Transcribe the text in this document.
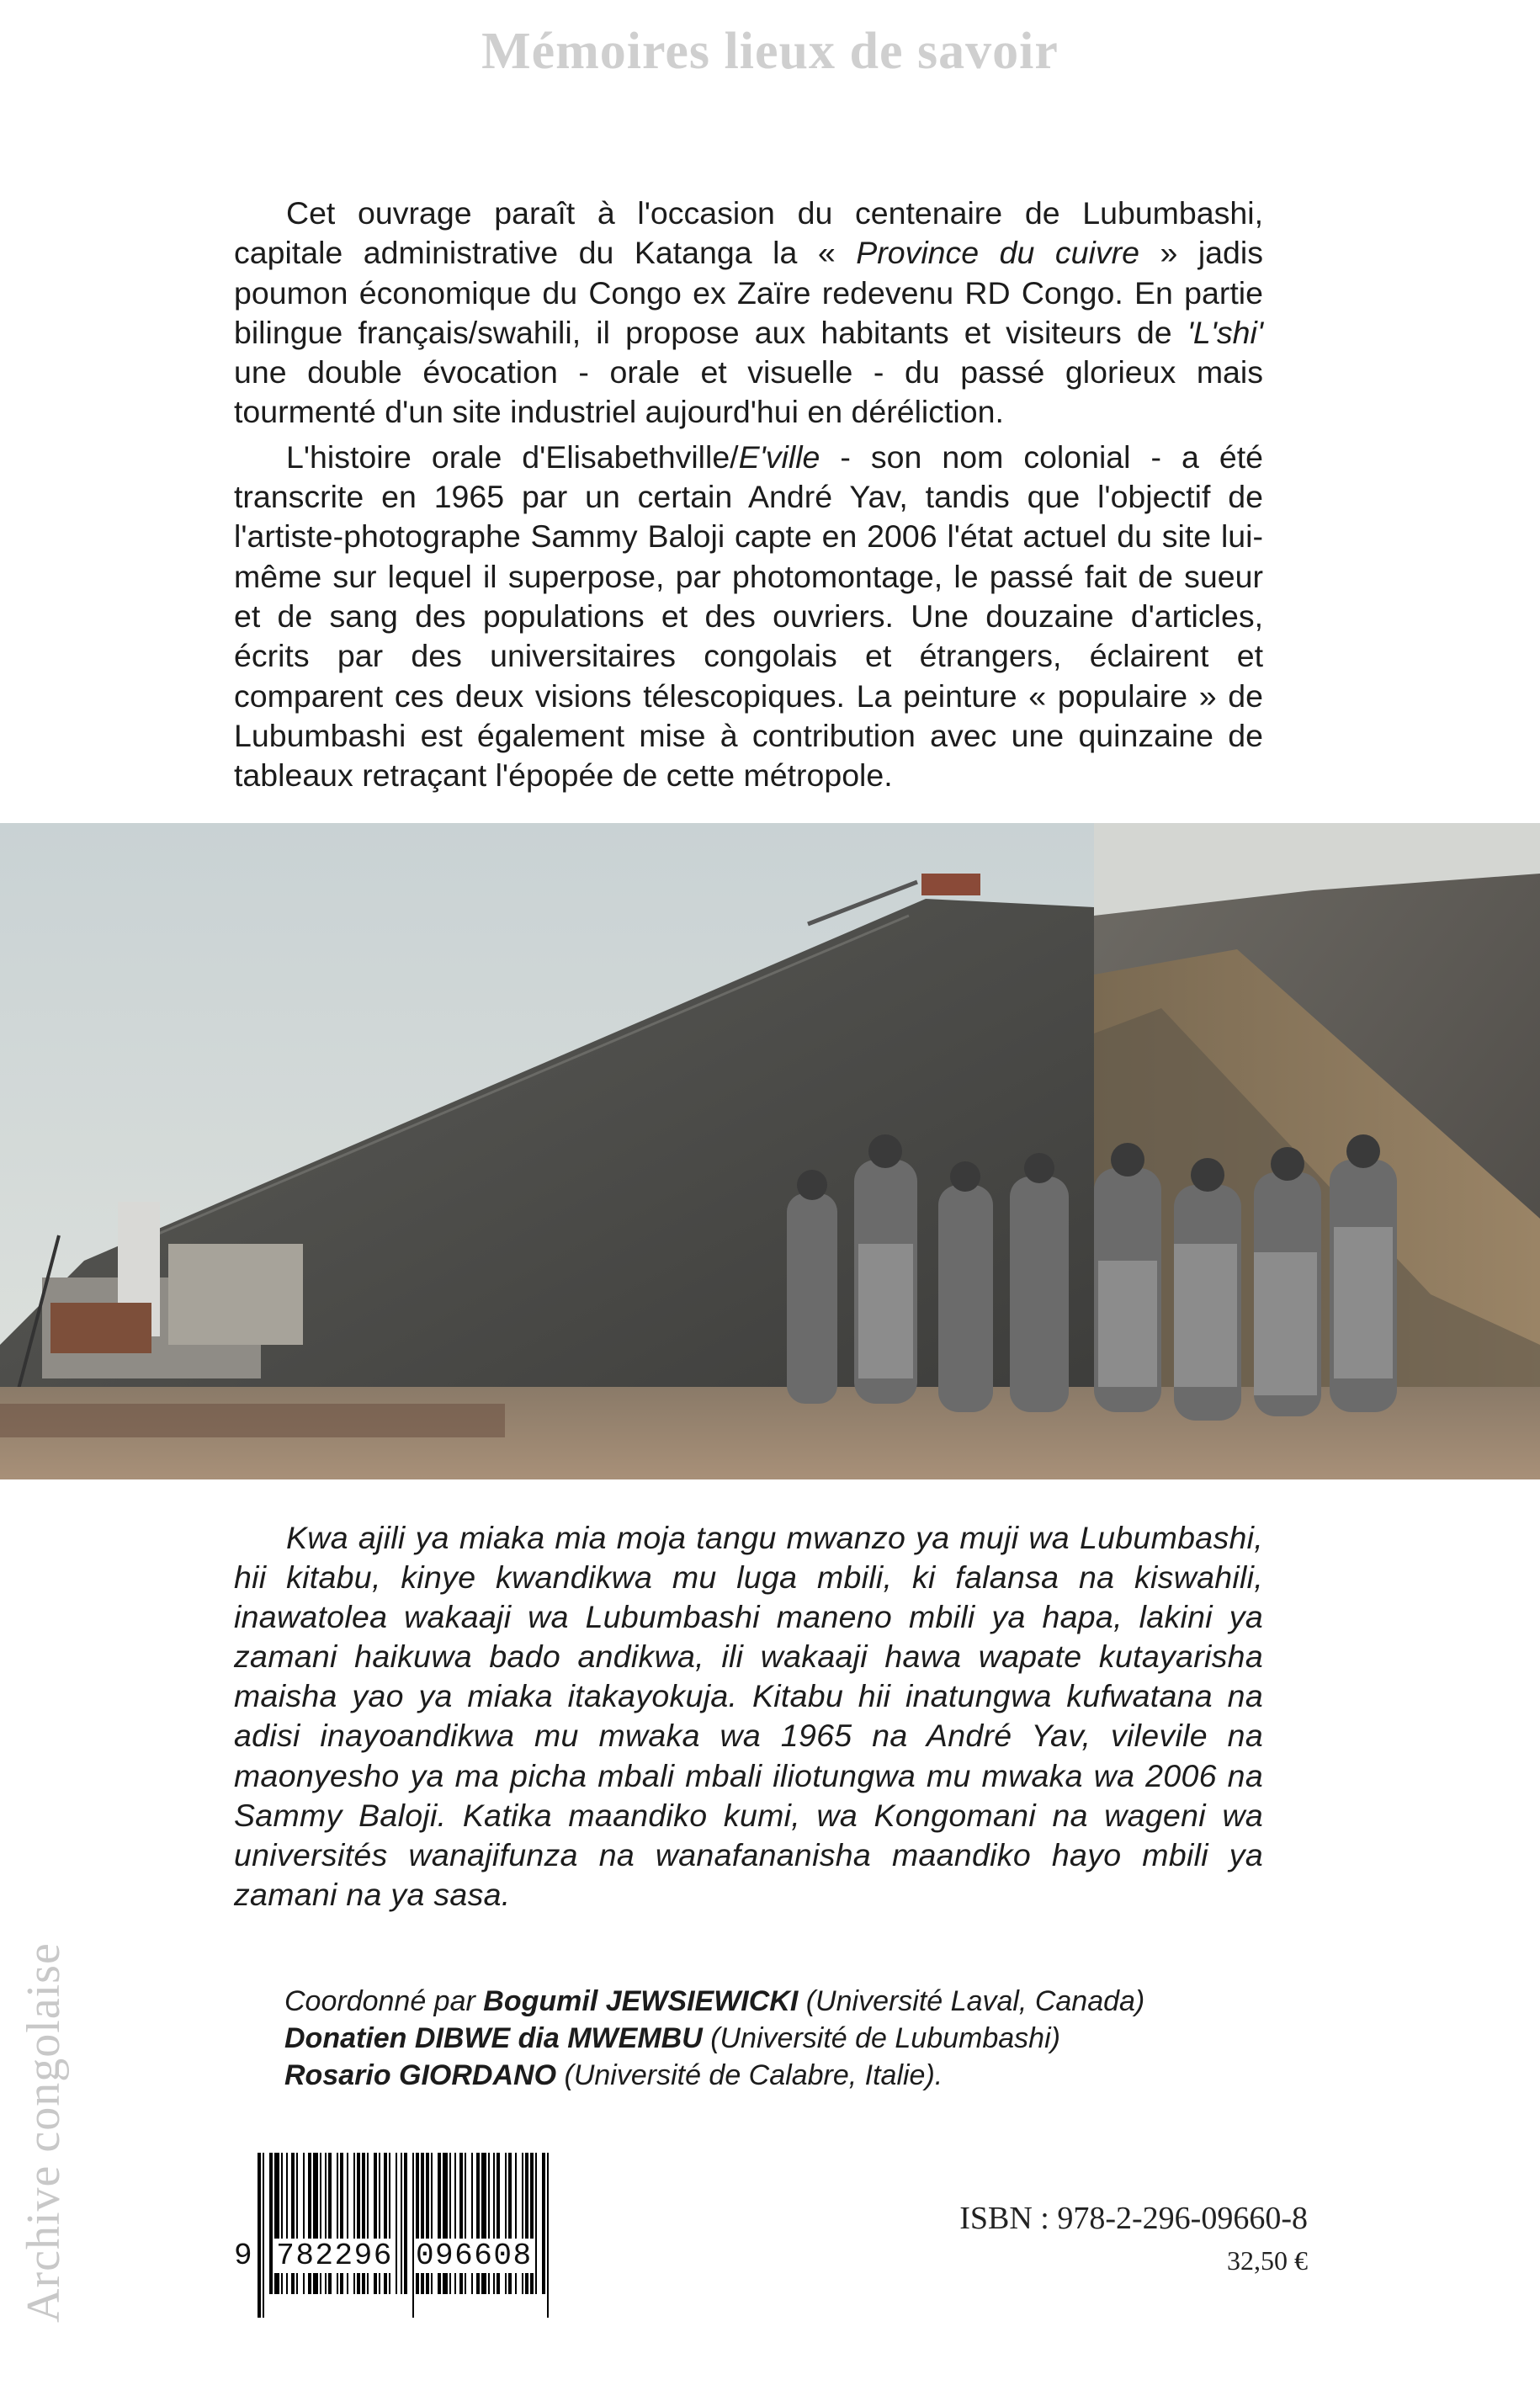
Mémoires lieux de savoir

Cet ouvrage paraît à l'occasion du centenaire de Lubumbashi, capitale administrative du Katanga la « Province du cuivre » jadis poumon économique du Congo ex Zaïre redevenu RD Congo. En partie bilingue français/swahili, il propose aux habitants et visiteurs de 'L'shi' une double évocation - orale et visuelle - du passé glorieux mais tourmenté d'un site industriel aujourd'hui en déréliction.

L'histoire orale d'Elisabethville/E'ville - son nom colonial - a été transcrite en 1965 par un certain André Yav, tandis que l'objectif de l'artiste-photographe Sammy Baloji capte en 2006 l'état actuel du site lui-même sur lequel il superpose, par photomontage, le passé fait de sueur et de sang des populations et des ouvriers. Une douzaine d'articles, écrits par des universitaires congolais et étrangers, éclairent et comparent ces deux visions télescopiques. La peinture « populaire » de Lubumbashi est également mise à contribution avec une quinzaine de tableaux retraçant l'épopée de cette métropole.

Kwa ajili ya miaka mia moja tangu mwanzo ya muji wa Lubumbashi, hii kitabu, kinye kwandikwa mu luga mbili, ki falansa na kiswahili, inawatolea wakaaji wa Lubumbashi maneno mbili ya hapa, lakini ya zamani haikuwa bado andikwa, ili wakaaji hawa wapate kutayarisha maisha yao ya miaka itakayokuja. Kitabu hii inatungwa kufwatana na adisi inayoandikwa mu mwaka wa 1965 na André Yav, vilevile na maonyesho ya ma picha mbali mbali iliotungwa mu mwaka wa 2006 na Sammy Baloji. Katika maandiko kumi, wa Kongomani na wageni wa universités wanajifunza na wanafananisha maandiko hayo mbili ya zamani na ya sasa.

Coordonné par Bogumil JEWSIEWICKI (Université Laval, Canada)
Donatien DIBWE dia MWEMBU (Université de Lubumbashi)
Rosario GIORDANO (Université de Calabre, Italie).
Archive congolaise	9 782296 096608
ISBN : 978-2-296-09660-8
32,50 €
